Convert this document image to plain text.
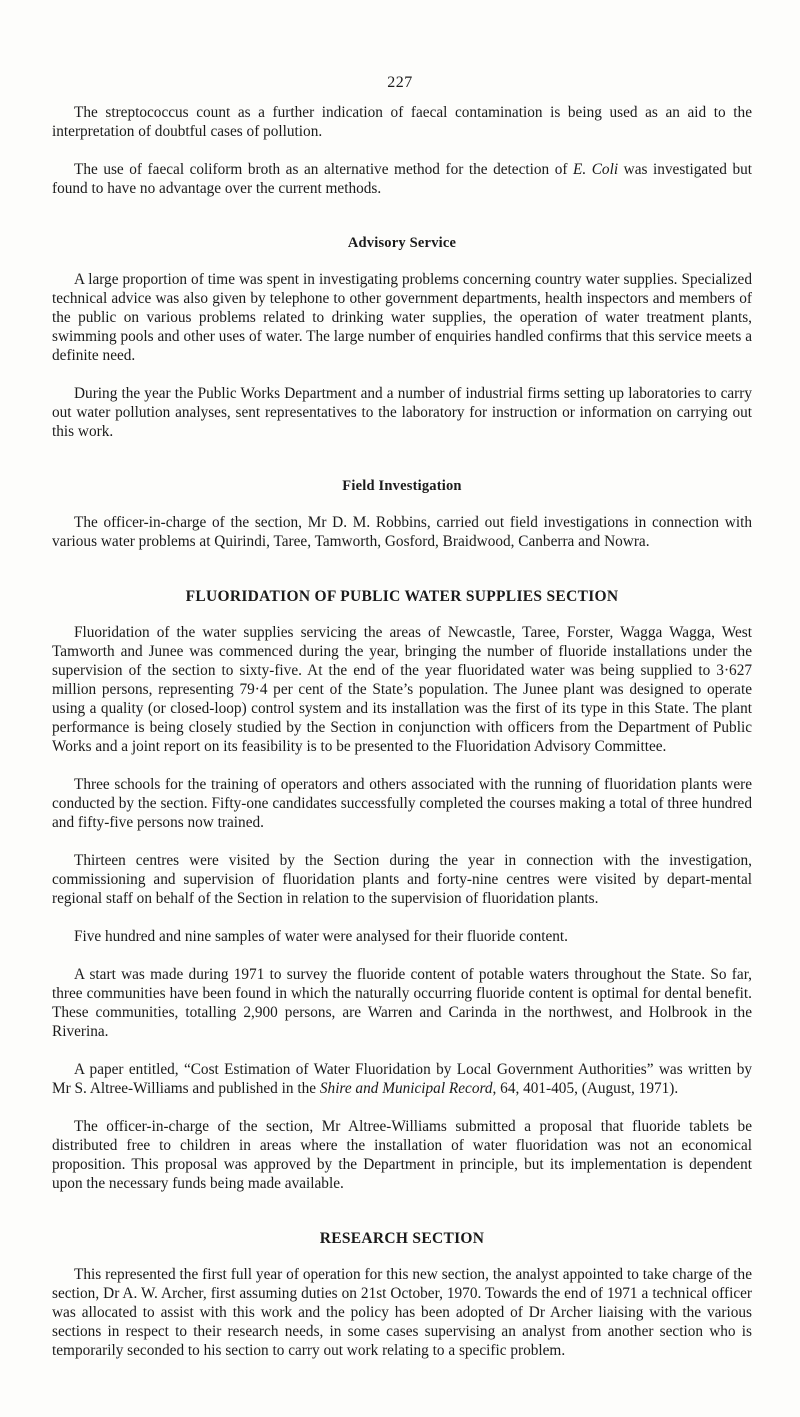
227

The streptococcus count as a further indication of faecal contamination is being used as an aid to the interpretation of doubtful cases of pollution.

The use of faecal coliform broth as an alternative method for the detection of E. Coli was investigated but found to have no advantage over the current methods.

Advisory Service

A large proportion of time was spent in investigating problems concerning country water supplies. Specialized technical advice was also given by telephone to other government departments, health inspectors and members of the public on various problems related to drinking water supplies, the operation of water treatment plants, swimming pools and other uses of water. The large number of enquiries handled confirms that this service meets a definite need.

During the year the Public Works Department and a number of industrial firms setting up laboratories to carry out water pollution analyses, sent representatives to the laboratory for instruction or information on carrying out this work.

Field Investigation

The officer-in-charge of the section, Mr D. M. Robbins, carried out field investigations in connection with various water problems at Quirindi, Taree, Tamworth, Gosford, Braidwood, Canberra and Nowra.

FLUORIDATION OF PUBLIC WATER SUPPLIES SECTION

Fluoridation of the water supplies servicing the areas of Newcastle, Taree, Forster, Wagga Wagga, West Tamworth and Junee was commenced during the year, bringing the number of fluoride installations under the supervision of the section to sixty-five. At the end of the year fluoridated water was being supplied to 3·627 million persons, representing 79·4 per cent of the State’s population. The Junee plant was designed to operate using a quality (or closed-loop) control system and its installation was the first of its type in this State. The plant performance is being closely studied by the Section in conjunction with officers from the Department of Public Works and a joint report on its feasibility is to be presented to the Fluoridation Advisory Committee.

Three schools for the training of operators and others associated with the running of fluoridation plants were conducted by the section. Fifty-one candidates successfully completed the courses making a total of three hundred and fifty-five persons now trained.

Thirteen centres were visited by the Section during the year in connection with the investigation, commissioning and supervision of fluoridation plants and forty-nine centres were visited by depart-mental regional staff on behalf of the Section in relation to the supervision of fluoridation plants.

Five hundred and nine samples of water were analysed for their fluoride content.

A start was made during 1971 to survey the fluoride content of potable waters throughout the State. So far, three communities have been found in which the naturally occurring fluoride content is optimal for dental benefit. These communities, totalling 2,900 persons, are Warren and Carinda in the northwest, and Holbrook in the Riverina.

A paper entitled, “Cost Estimation of Water Fluoridation by Local Government Authorities” was written by Mr S. Altree-Williams and published in the Shire and Municipal Record, 64, 401-405, (August, 1971).

The officer-in-charge of the section, Mr Altree-Williams submitted a proposal that fluoride tablets be distributed free to children in areas where the installation of water fluoridation was not an economical proposition. This proposal was approved by the Department in principle, but its implementation is dependent upon the necessary funds being made available.

RESEARCH SECTION

This represented the first full year of operation for this new section, the analyst appointed to take charge of the section, Dr A. W. Archer, first assuming duties on 21st October, 1970. Towards the end of 1971 a technical officer was allocated to assist with this work and the policy has been adopted of Dr Archer liaising with the various sections in respect to their research needs, in some cases supervising an analyst from another section who is temporarily seconded to his section to carry out work relating to a specific problem.
